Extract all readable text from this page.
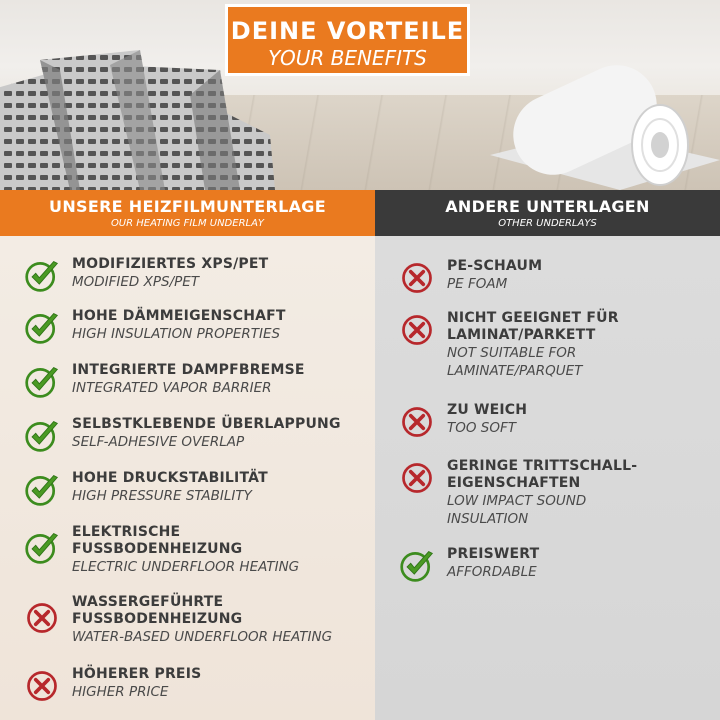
DEINE VORTEILE
YOUR BENEFITS
UNSERE HEIZFILMUNTERLAGE
OUR HEATING FILM UNDERLAY
ANDERE UNTERLAGEN
OTHER UNDERLAYS
MODIFIZIERTES XPS/PET
MODIFIED XPS/PET
HOHE DÄMMEIGENSCHAFT
HIGH INSULATION PROPERTIES
INTEGRIERTE DAMPFBREMSE
INTEGRATED VAPOR BARRIER
SELBSTKLEBENDE ÜBERLAPPUNG
SELF-ADHESIVE OVERLAP
HOHE DRUCKSTABILITÄT
HIGH PRESSURE STABILITY
ELEKTRISCHE
FUSSBODENHEIZUNG
ELECTRIC UNDERFLOOR HEATING
WASSERGEFÜHRTE
FUSSBODENHEIZUNG
WATER-BASED UNDERFLOOR HEATING
HÖHERER PREIS
HIGHER PRICE
PE-SCHAUM
PE FOAM
NICHT GEEIGNET FÜR
LAMINAT/PARKETT
NOT SUITABLE FOR
LAMINATE/PARQUET
ZU WEICH
TOO SOFT
GERINGE TRITTSCHALL-
EIGENSCHAFTEN
LOW IMPACT SOUND
INSULATION
PREISWERT
AFFORDABLE
